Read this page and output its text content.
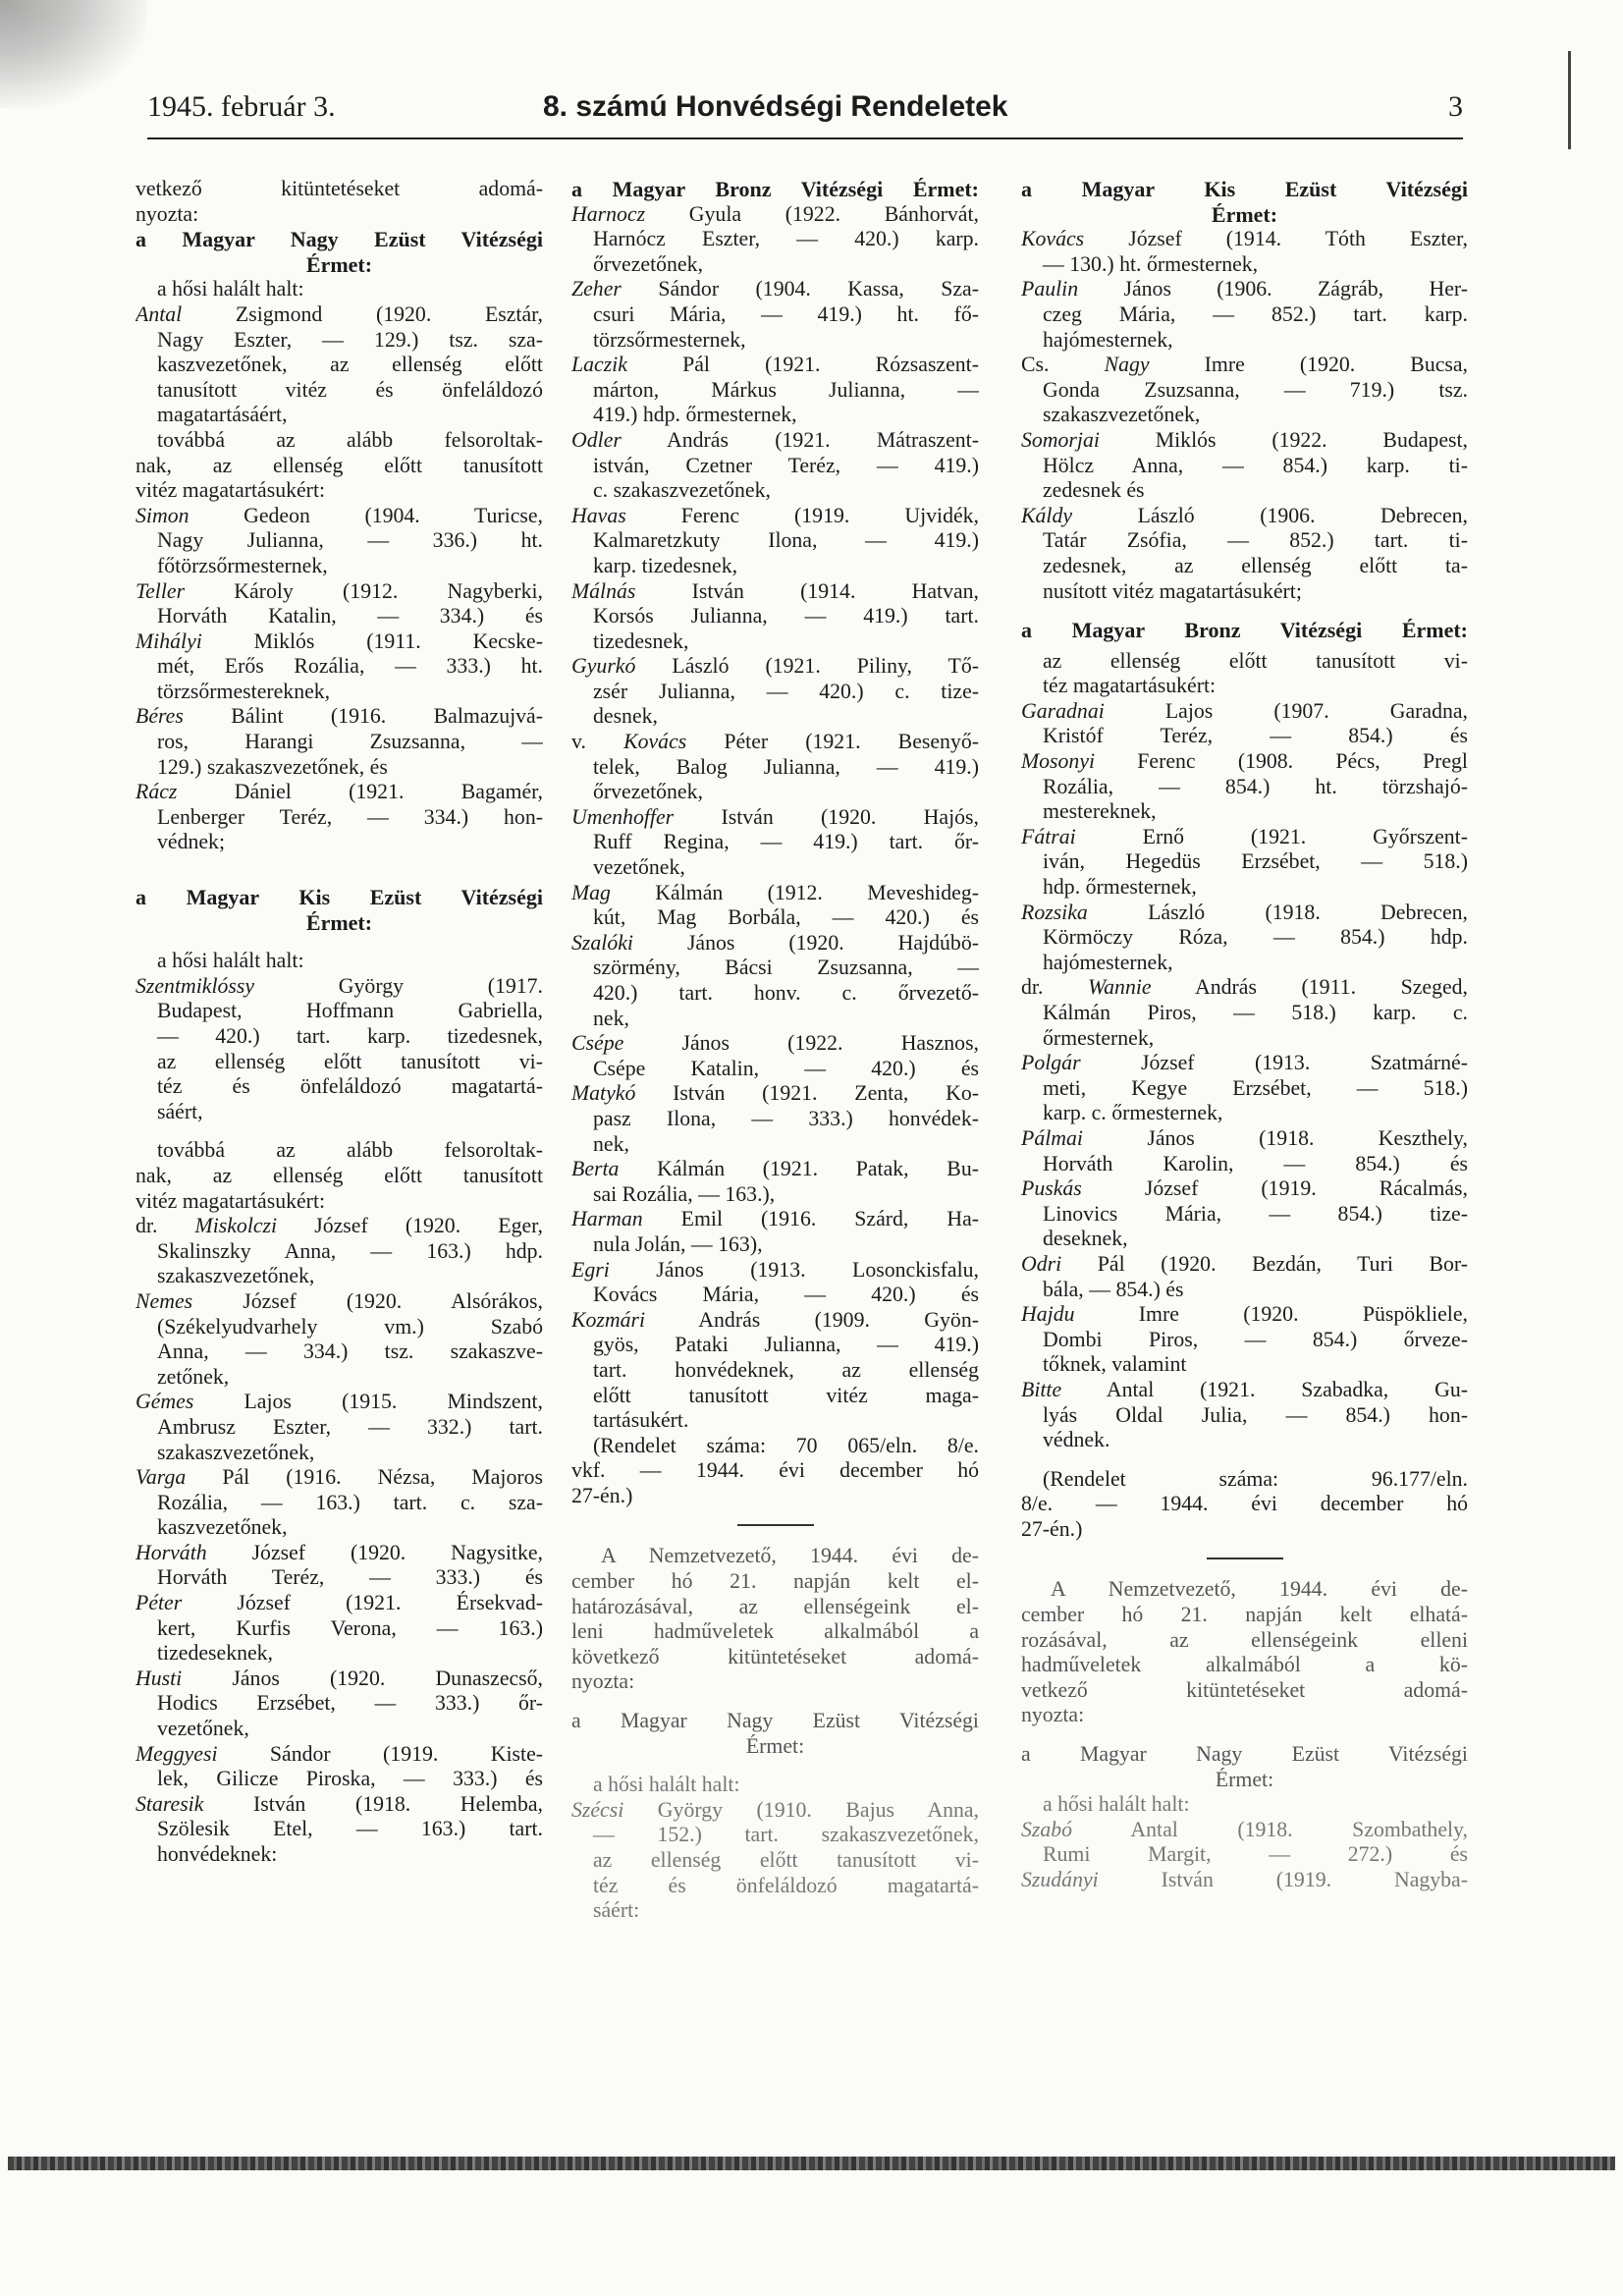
1945. február 3.	8. számú Honvédségi Rendeletek	3
vetkező kitüntetéseket adomá-
nyozta:
a Magyar Nagy Ezüst Vitézségi
Érmet:
a hősi halált halt:
Antal Zsigmond (1920. Esztár,
Nagy Eszter, — 129.) tsz. sza-
kaszvezetőnek, az ellenség előtt
tanusított vitéz és önfeláldozó
magatartásáért,
továbbá az alább felsoroltak-
nak, az ellenség előtt tanusított
vitéz magatartásukért:
Simon Gedeon (1904. Turicse,
Nagy Julianna, — 336.) ht.
főtörzsőrmesternek,
Teller Károly (1912. Nagyberki,
Horváth Katalin, — 334.) és
Mihályi Miklós (1911. Kecske-
mét, Erős Rozália, — 333.) ht.
törzsőrmestereknek,
Béres Bálint (1916. Balmazujvá-
ros, Harangi Zsuzsanna, —
129.) szakaszvezetőnek, és
Rácz Dániel (1921. Bagamér,
Lenberger Teréz, — 334.) hon-
védnek;
a Magyar Kis Ezüst Vitézségi
Érmet:
a hősi halált halt:
Szentmiklóssy György (1917.
Budapest, Hoffmann Gabriella,
— 420.) tart. karp. tizedesnek,
az ellenség előtt tanusított vi-
téz és önfeláldozó magatartá-
sáért,
továbbá az alább felsoroltak-
nak, az ellenség előtt tanusított
vitéz magatartásukért:
dr. Miskolczi József (1920. Eger,
Skalinszky Anna, — 163.) hdp.
szakaszvezetőnek,
Nemes József (1920. Alsórákos,
(Székelyudvarhely vm.) Szabó
Anna, — 334.) tsz. szakaszve-
zetőnek,
Gémes Lajos (1915. Mindszent,
Ambrusz Eszter, — 332.) tart.
szakaszvezetőnek,
Varga Pál (1916. Nézsa, Majoros
Rozália, — 163.) tart. c. sza-
kaszvezetőnek,
Horváth József (1920. Nagysitke,
Horváth Teréz, — 333.) és
Péter József (1921. Érsekvad-
kert, Kurfis Verona, — 163.)
tizedeseknek,
Husti János (1920. Dunaszecső,
Hodics Erzsébet, — 333.) őr-
vezetőnek,
Meggyesi Sándor (1919. Kiste-
lek, Gilicze Piroska, — 333.) és
Staresik István (1918. Helemba,
Szölesik Etel, — 163.) tart.
honvédeknek:
a Magyar Bronz Vitézségi Érmet:
Harnocz Gyula (1922. Bánhorvát,
Harnócz Eszter, — 420.) karp.
őrvezetőnek,
Zeher Sándor (1904. Kassa, Sza-
csuri Mária, — 419.) ht. fő-
törzsőrmesternek,
Laczik Pál (1921. Rózsaszent-
márton, Márkus Julianna, —
419.) hdp. őrmesternek,
Odler András (1921. Mátraszent-
istván, Czetner Teréz, — 419.)
c. szakaszvezetőnek,
Havas Ferenc (1919. Ujvidék,
Kalmaretzkuty Ilona, — 419.)
karp. tizedesnek,
Málnás István (1914. Hatvan,
Korsós Julianna, — 419.) tart.
tizedesnek,
Gyurkó László (1921. Piliny, Tő-
zsér Julianna, — 420.) c. tize-
desnek,
v. Kovács Péter (1921. Besenyő-
telek, Balog Julianna, — 419.)
őrvezetőnek,
Umenhoffer István (1920. Hajós,
Ruff Regina, — 419.) tart. őr-
vezetőnek,
Mag Kálmán (1912. Meveshideg-
kút, Mag Borbála, — 420.) és
Szalóki János (1920. Hajdúbö-
szörmény, Bácsi Zsuzsanna, —
420.) tart. honv. c. őrvezető-
nek,
Csépe János (1922. Hasznos,
Csépe Katalin, — 420.) és
Matykó István (1921. Zenta, Ko-
pasz Ilona, — 333.) honvédek-
nek,
Berta Kálmán (1921. Patak, Bu-
sai Rozália, — 163.),
Harman Emil (1916. Szárd, Ha-
nula Jolán, — 163),
Egri János (1913. Losonckisfalu,
Kovács Mária, — 420.) és
Kozmári András (1909. Gyön-
gyös, Pataki Julianna, — 419.)
tart. honvédeknek, az ellenség
előtt tanusított vitéz maga-
tartásukért.
(Rendelet száma: 70 065/eln. 8/e.
vkf. — 1944. évi december hó
27-én.)
A Nemzetvezető, 1944. évi de-
cember hó 21. napján kelt el-
határozásával, az ellenségeink el-
leni hadműveletek alkalmából a
következő kitüntetéseket adomá-
nyozta:
a Magyar Nagy Ezüst Vitézségi
Érmet:
a hősi halált halt:
Szécsi György (1910. Bajus Anna,
— 152.) tart. szakaszvezetőnek,
az ellenség előtt tanusított vi-
téz és önfeláldozó magatartá-
sáért:
a Magyar Kis Ezüst Vitézségi
Érmet:
Kovács József (1914. Tóth Eszter,
— 130.) ht. őrmesternek,
Paulin János (1906. Zágráb, Her-
czeg Mária, — 852.) tart. karp.
hajómesternek,
Cs. Nagy Imre (1920. Bucsa,
Gonda Zsuzsanna, — 719.) tsz.
szakaszvezetőnek,
Somorjai Miklós (1922. Budapest,
Hölcz Anna, — 854.) karp. ti-
zedesnek és
Káldy László (1906. Debrecen,
Tatár Zsófia, — 852.) tart. ti-
zedesnek, az ellenség előtt ta-
nusított vitéz magatartásukért;
a Magyar Bronz Vitézségi Érmet:
az ellenség előtt tanusított vi-
téz magatartásukért:
Garadnai Lajos (1907. Garadna,
Kristóf Teréz, — 854.) és
Mosonyi Ferenc (1908. Pécs, Pregl
Rozália, — 854.) ht. törzshajó-
mestereknek,
Fátrai Ernő (1921. Győrszent-
iván, Hegedüs Erzsébet, — 518.)
hdp. őrmesternek,
Rozsika László (1918. Debrecen,
Körmöczy Róza, — 854.) hdp.
hajómesternek,
dr. Wannie András (1911. Szeged,
Kálmán Piros, — 518.) karp. c.
őrmesternek,
Polgár József (1913. Szatmárné-
meti, Kegye Erzsébet, — 518.)
karp. c. őrmesternek,
Pálmai János (1918. Keszthely,
Horváth Karolin, — 854.) és
Puskás József (1919. Rácalmás,
Linovics Mária, — 854.) tize-
deseknek,
Odri Pál (1920. Bezdán, Turi Bor-
bála, — 854.) és
Hajdu Imre (1920. Püspökliele,
Dombi Piros, — 854.) őrveze-
tőknek, valamint
Bitte Antal (1921. Szabadka, Gu-
lyás Oldal Julia, — 854.) hon-
védnek.
(Rendelet száma: 96.177/eln.
8/e. — 1944. évi december hó
27-én.)
A Nemzetvezető, 1944. évi de-
cember hó 21. napján kelt elhatá-
rozásával, az ellenségeink elleni
hadműveletek alkalmából a kö-
vetkező kitüntetéseket adomá-
nyozta:
a Magyar Nagy Ezüst Vitézségi
Érmet:
a hősi halált halt:
Szabó Antal (1918. Szombathely,
Rumi Margit, — 272.) és
Szudányi István (1919. Nagyba-
